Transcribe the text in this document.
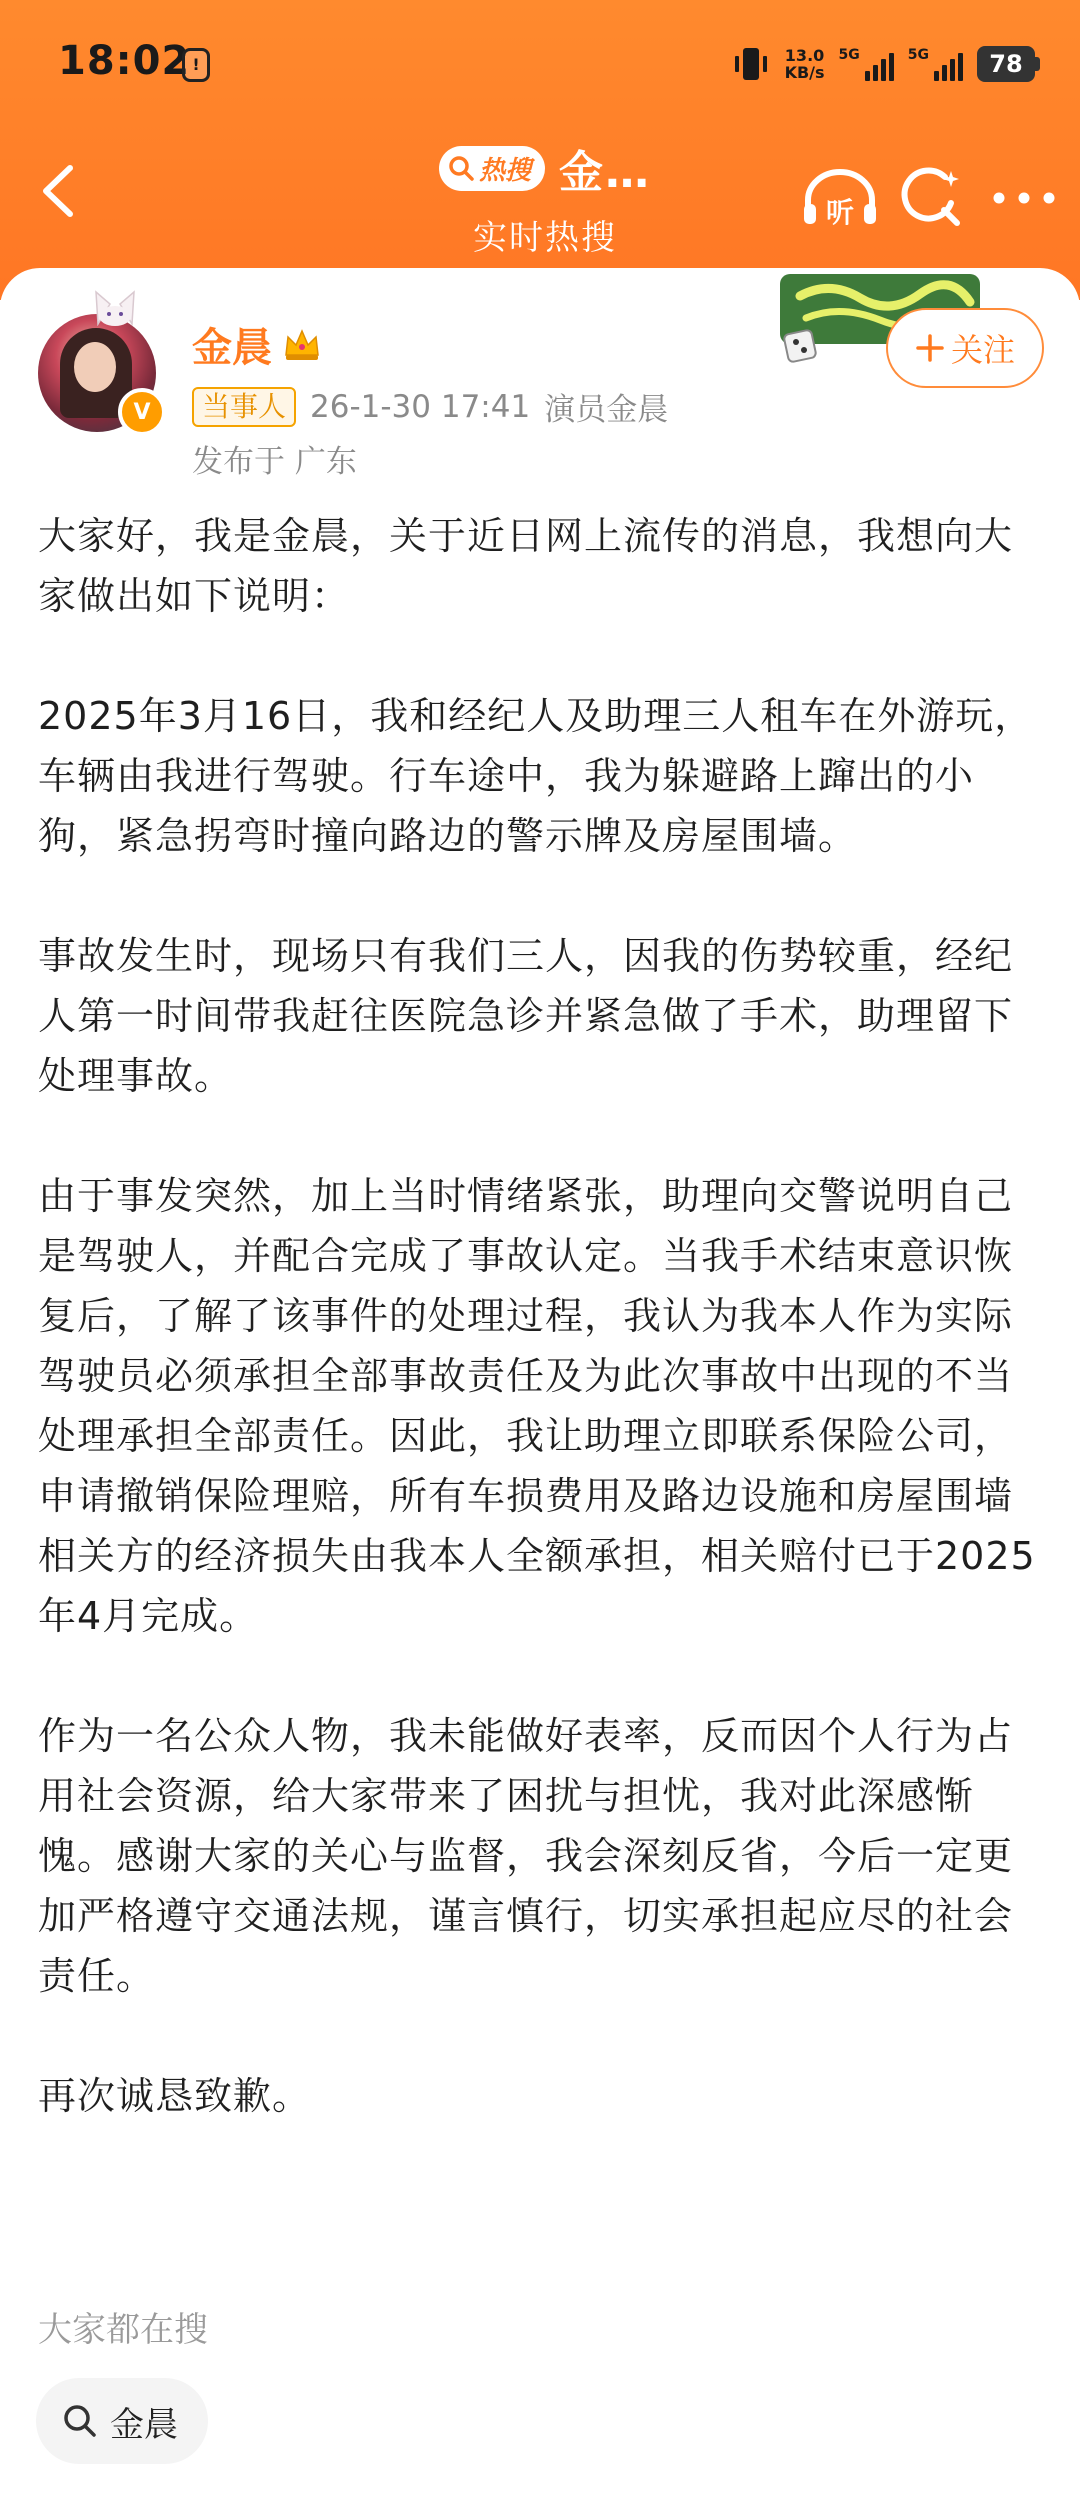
18:02 !	13.0
KB/s
5G	5G	78
热搜 金…
实时热搜
听
V
金晨
当事人 26-1-30 17:41 演员金晨
发布于 广东
关注

大家好，我是金晨，关于近日网上流传的消息，我想向大家做出如下说明：

2025年3月16日，我和经纪人及助理三人租车在外游玩，车辆由我进行驾驶。行车途中，我为躲避路上蹿出的小狗，紧急拐弯时撞向路边的警示牌及房屋围墙。

事故发生时，现场只有我们三人，因我的伤势较重，经纪人第一时间带我赶往医院急诊并紧急做了手术，助理留下处理事故。

由于事发突然，加上当时情绪紧张，助理向交警说明自己是驾驶人，并配合完成了事故认定。当我手术结束意识恢复后，了解了该事件的处理过程，我认为我本人作为实际驾驶员必须承担全部事故责任及为此次事故中出现的不当处理承担全部责任。因此，我让助理立即联系保险公司，申请撤销保险理赔，所有车损费用及路边设施和房屋围墙相关方的经济损失由我本人全额承担，相关赔付已于2025年4月完成。

作为一名公众人物，我未能做好表率，反而因个人行为占用社会资源，给大家带来了困扰与担忧，我对此深感惭愧。感谢大家的关心与监督，我会深刻反省，今后一定更加严格遵守交通法规，谨言慎行，切实承担起应尽的社会责任。

再次诚恳致歉。

大家都在搜
金晨
